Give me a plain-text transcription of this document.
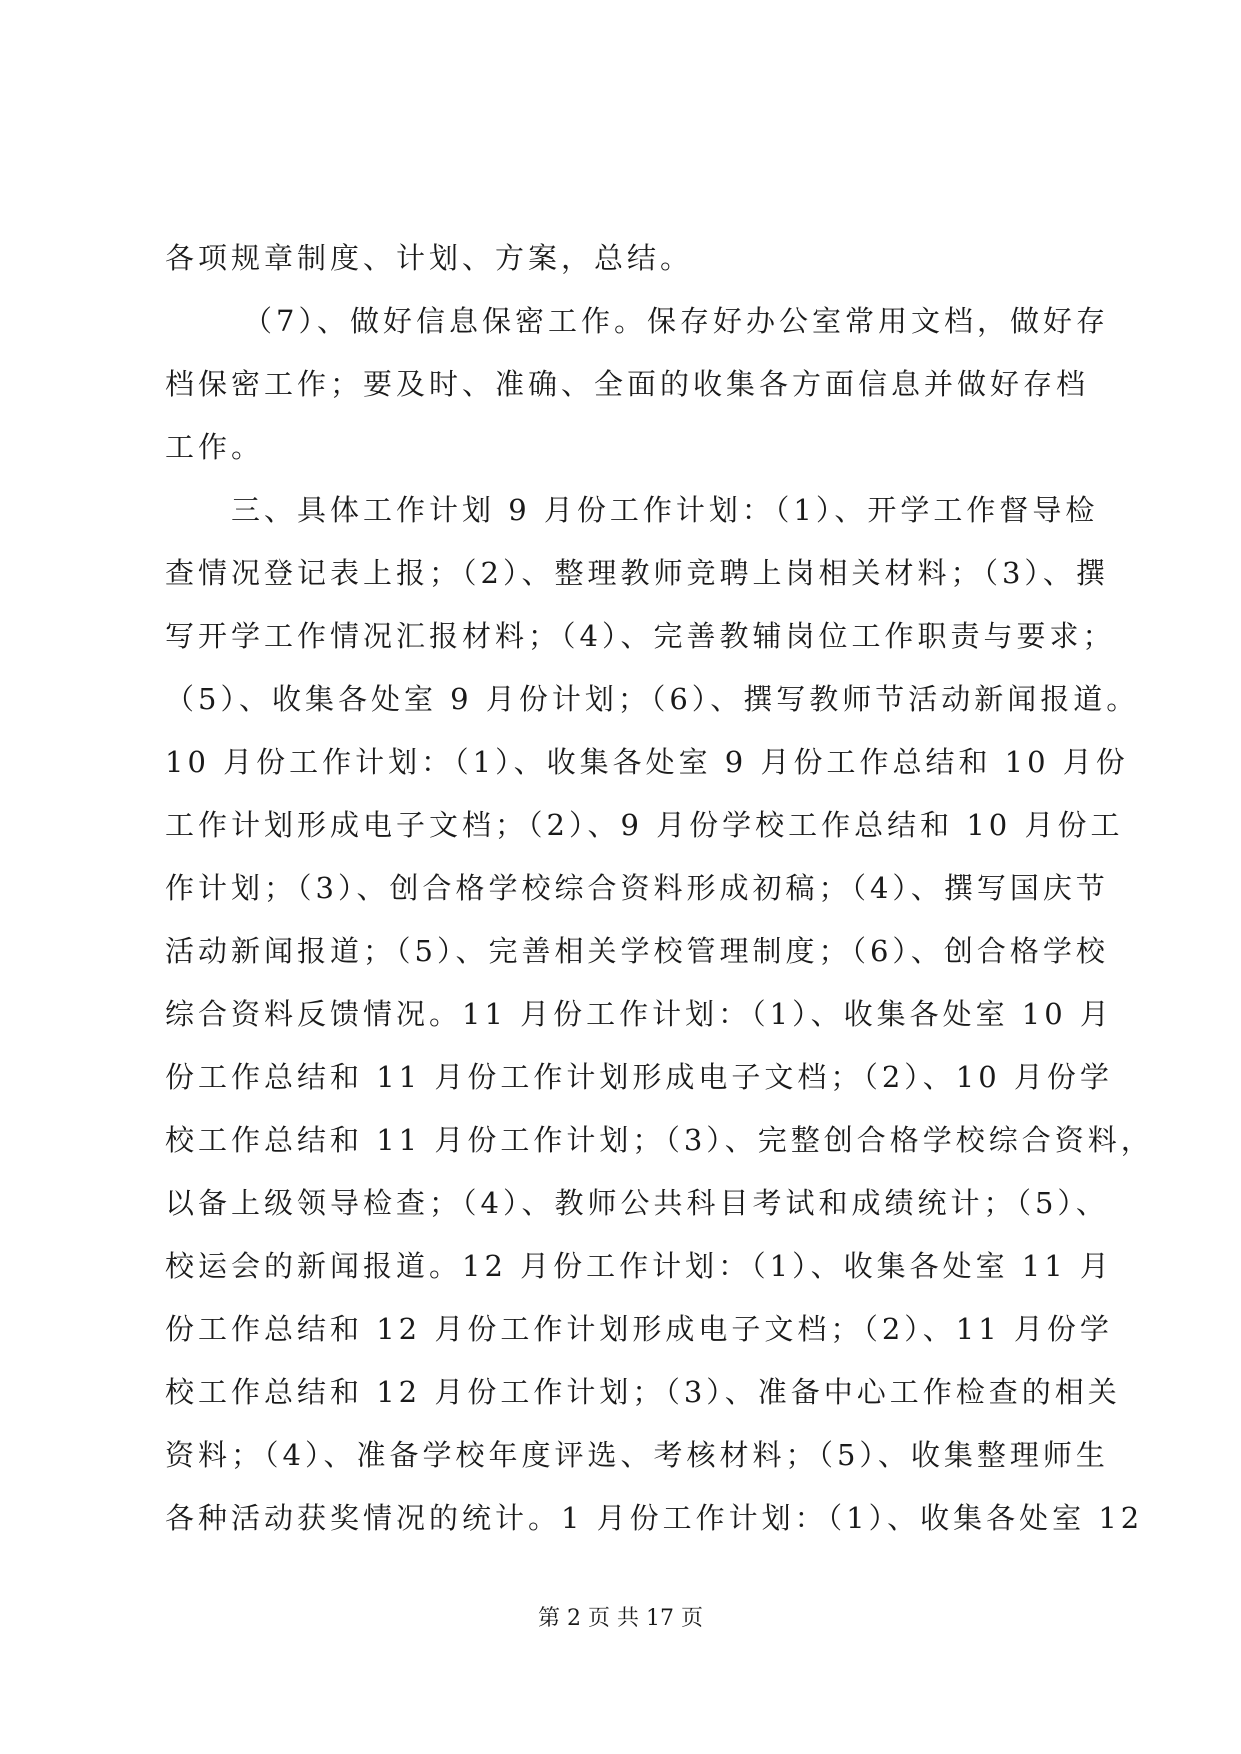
各项规章制度、计划、方案，总结。
（7）、做好信息保密工作。保存好办公室常用文档，做好存
档保密工作；要及时、准确、全面的收集各方面信息并做好存档
工作。
三、具体工作计划 9 月份工作计划：（1）、开学工作督导检
查情况登记表上报；（2）、整理教师竞聘上岗相关材料；（3）、撰
写开学工作情况汇报材料；（4）、完善教辅岗位工作职责与要求；
（5）、收集各处室 9 月份计划；（6）、撰写教师节活动新闻报道。
10 月份工作计划：（1）、收集各处室 9 月份工作总结和 10 月份
工作计划形成电子文档；（2）、9 月份学校工作总结和 10 月份工
作计划；（3）、创合格学校综合资料形成初稿；（4）、撰写国庆节
活动新闻报道；（5）、完善相关学校管理制度；（6）、创合格学校
综合资料反馈情况。11 月份工作计划：（1）、收集各处室 10 月
份工作总结和 11 月份工作计划形成电子文档；（2）、10 月份学
校工作总结和 11 月份工作计划；（3）、完整创合格学校综合资料，
以备上级领导检查；（4）、教师公共科目考试和成绩统计；（5）、
校运会的新闻报道。12 月份工作计划：（1）、收集各处室 11 月
份工作总结和 12 月份工作计划形成电子文档；（2）、11 月份学
校工作总结和 12 月份工作计划；（3）、准备中心工作检查的相关
资料；（4）、准备学校年度评选、考核材料；（5）、收集整理师生
各种活动获奖情况的统计。1 月份工作计划：（1）、收集各处室 12
第 2 页 共 17 页
